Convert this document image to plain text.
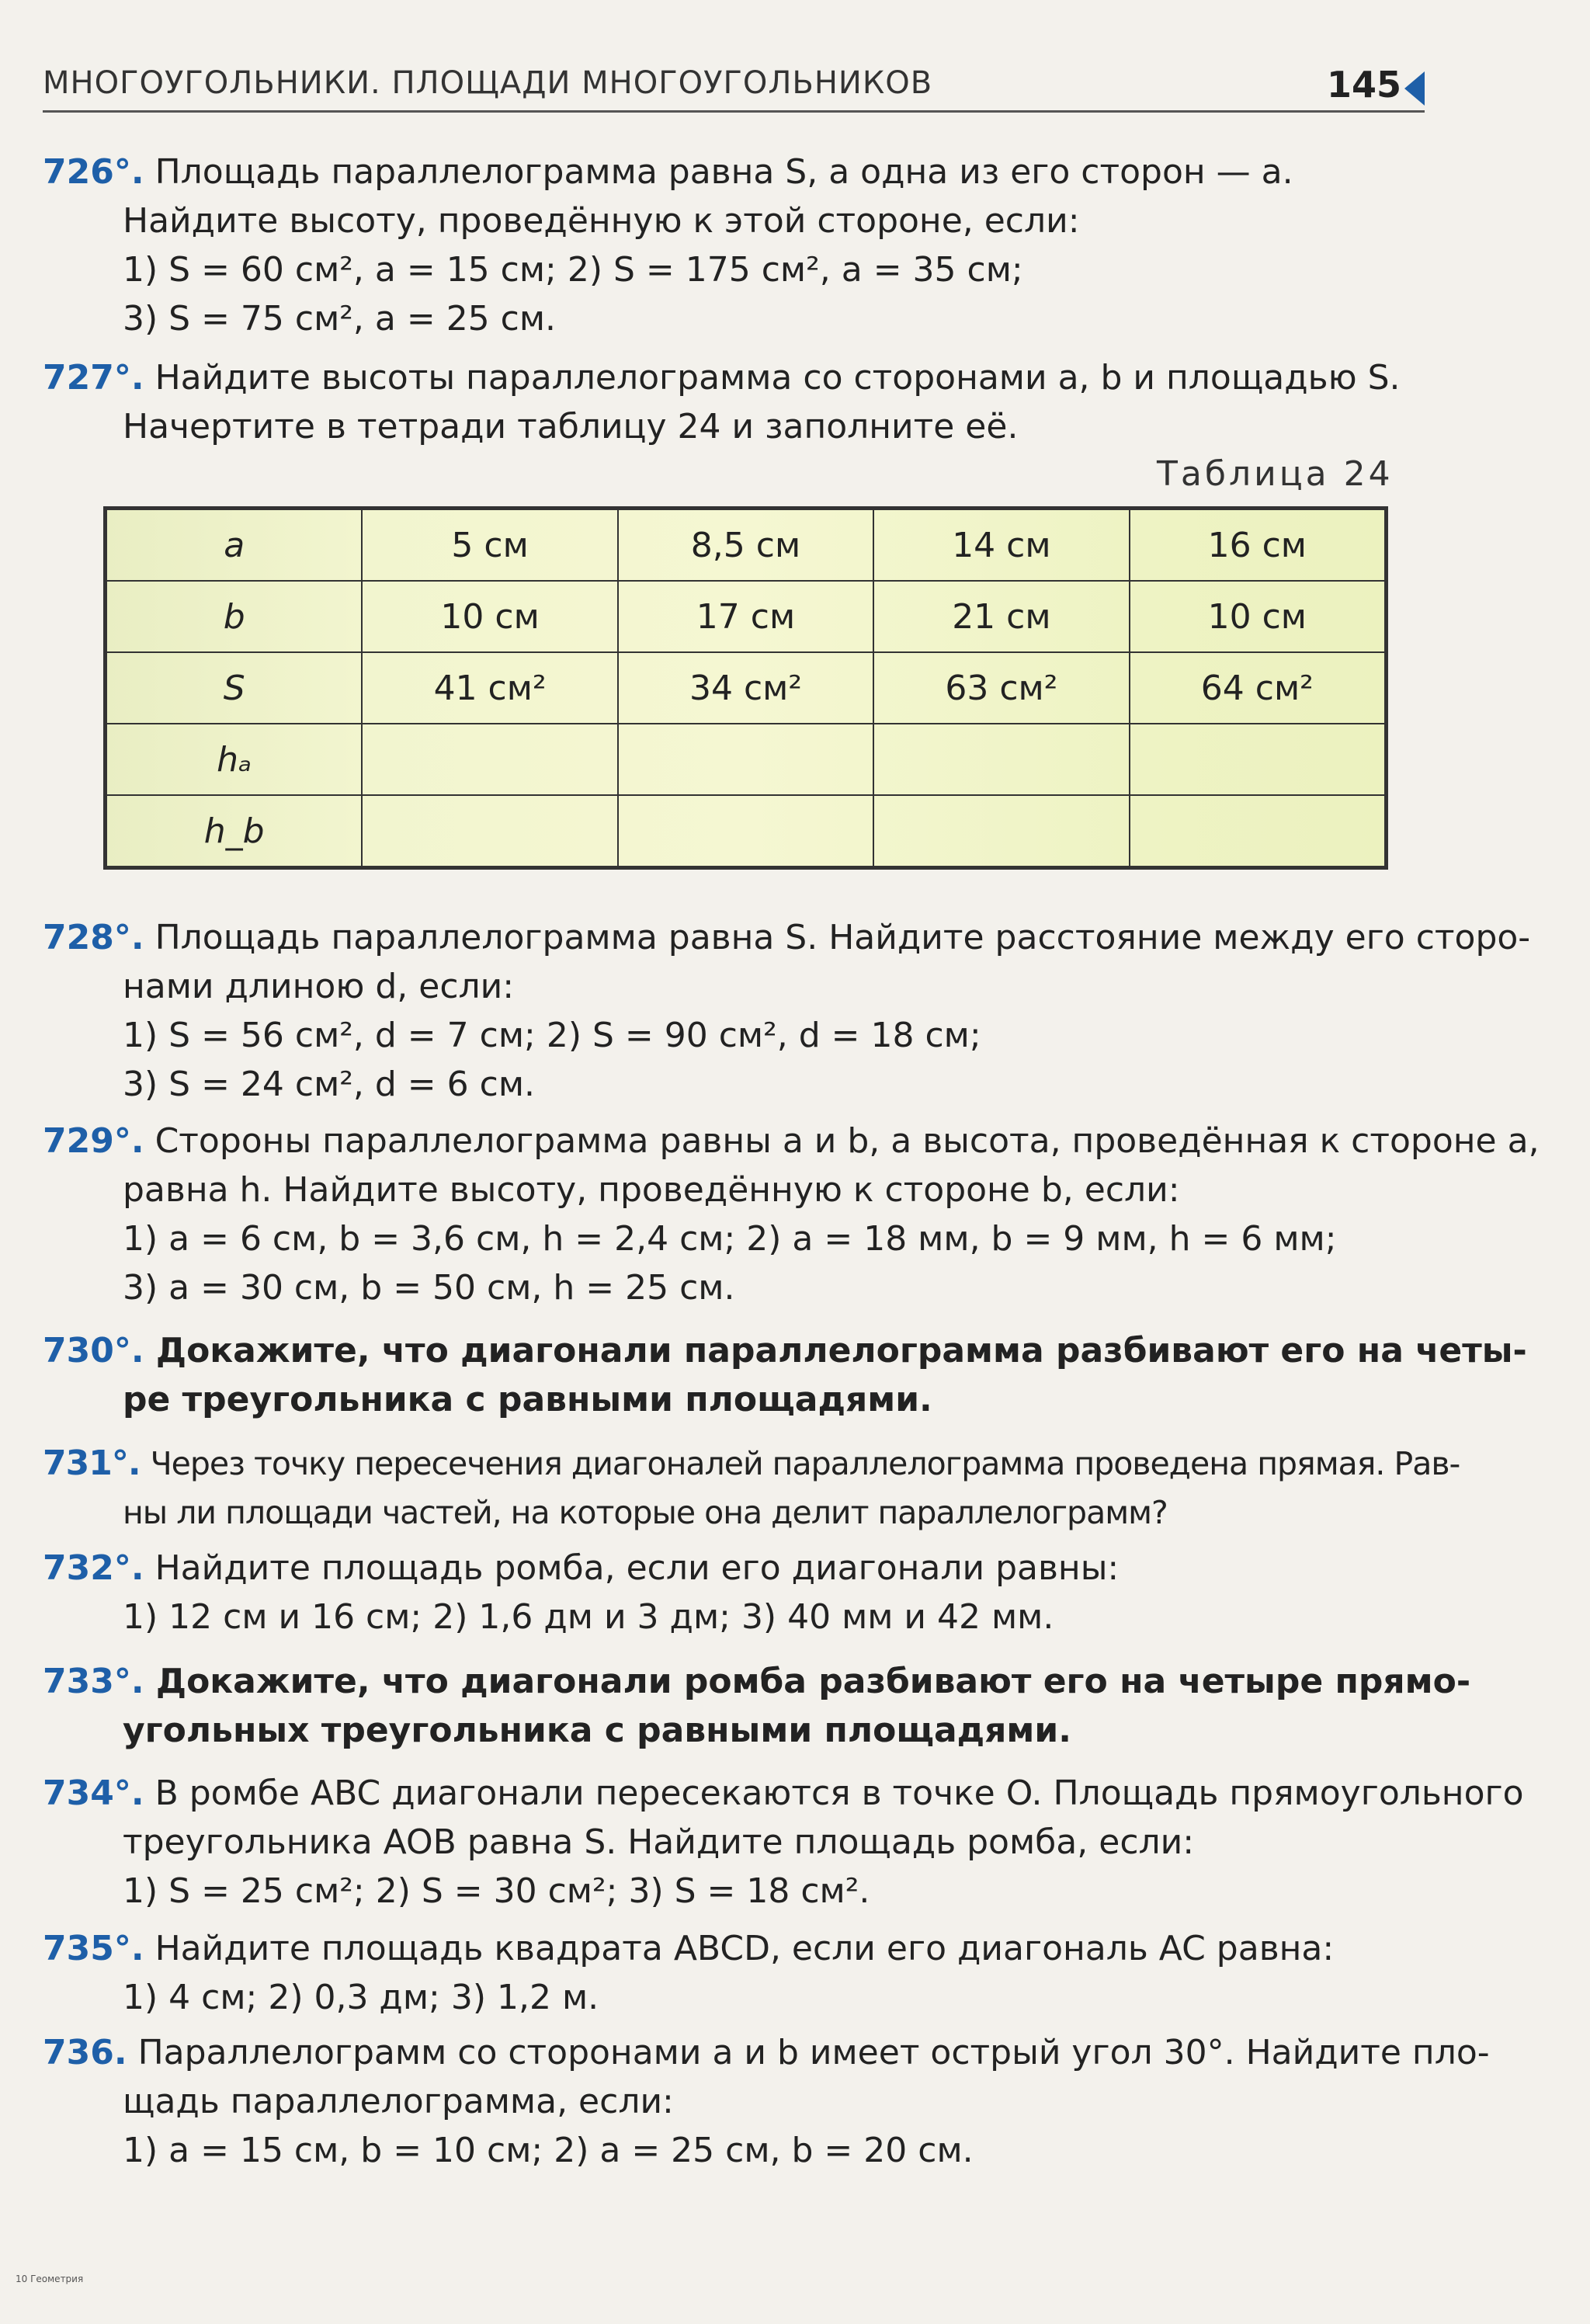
МНОГОУГОЛЬНИКИ. ПЛОЩАДИ МНОГОУГОЛЬНИКОВ	145
726°. Площадь параллелограмма равна S, а одна из его сторон — a.
Найдите высоту, проведённую к этой стороне, если:
1) S = 60 см², a = 15 см; 2) S = 175 см², a = 35 см;
3) S = 75 см², a = 25 см.
727°. Найдите высоты параллелограмма со сторонами a, b и площадью S.
Начертите в тетради таблицу 24 и заполните её.
Таблица 24
a	5 см	8,5 см	14 см	16 см
b	10 см	17 см	21 см	10 см
S	41 см²	34 см²	63 см²	64 см²
hₐ				
h_b				
728°. Площадь параллелограмма равна S. Найдите расстояние между его сторо-
нами длиною d, если:
1) S = 56 см², d = 7 см; 2) S = 90 см², d = 18 см;
3) S = 24 см², d = 6 см.
729°. Стороны параллелограмма равны a и b, а высота, проведённая к стороне a,
равна h. Найдите высоту, проведённую к стороне b, если:
1) a = 6 см, b = 3,6 см, h = 2,4 см; 2) a = 18 мм, b = 9 мм, h = 6 мм;
3) a = 30 см, b = 50 см, h = 25 см.
730°. Докажите, что диагонали параллелограмма разбивают его на четы-
ре треугольника с равными площадями.
731°. Через точку пересечения диагоналей параллелограмма проведена прямая. Рав-
ны ли площади частей, на которые она делит параллелограмм?
732°. Найдите площадь ромба, если его диагонали равны:
1) 12 см и 16 см; 2) 1,6 дм и 3 дм; 3) 40 мм и 42 мм.
733°. Докажите, что диагонали ромба разбивают его на четыре прямо-
угольных треугольника с равными площадями.
734°. В ромбе ABC диагонали пересекаются в точке O. Площадь прямоугольного
треугольника AOB равна S. Найдите площадь ромба, если:
1) S = 25 см²; 2) S = 30 см²; 3) S = 18 см².
735°. Найдите площадь квадрата ABCD, если его диагональ AC равна:
1) 4 см; 2) 0,3 дм; 3) 1,2 м.
736. Параллелограмм со сторонами a и b имеет острый угол 30°. Найдите пло-
щадь параллелограмма, если:
1) a = 15 см, b = 10 см; 2) a = 25 см, b = 20 см.
10 Геометрия
